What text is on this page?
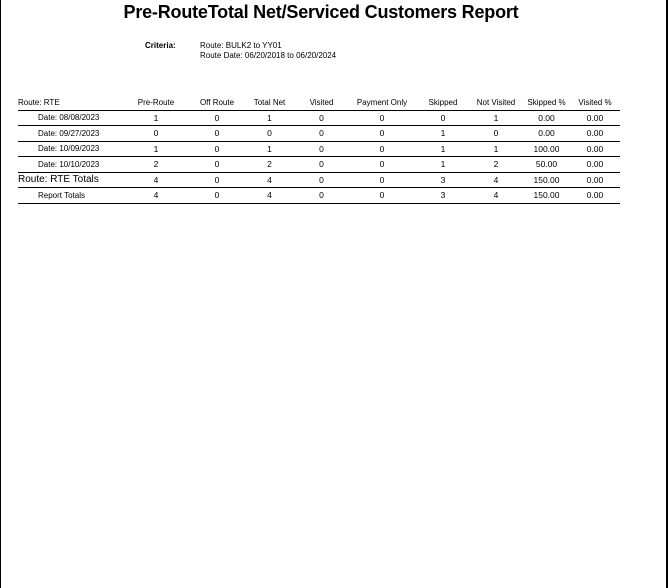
Pre-RouteTotal Net/Serviced Customers Report
Criteria:	Route: BULK2 to YY01
Route Date: 06/20/2018 to 06/20/2024
Route: RTE	Pre-Route	Off Route	Total Net	Visited	Payment Only	Skipped	Not Visited	Skipped %	Visited %
Date: 08/08/2023	1	0	1	0	0	0	1	0.00	0.00
Date: 09/27/2023	0	0	0	0	0	1	0	0.00	0.00
Date: 10/09/2023	1	0	1	0	0	1	1	100.00	0.00
Date: 10/10/2023	2	0	2	0	0	1	2	50.00	0.00
Route: RTE Totals	4	0	4	0	0	3	4	150.00	0.00
Report Totals	4	0	4	0	0	3	4	150.00	0.00
